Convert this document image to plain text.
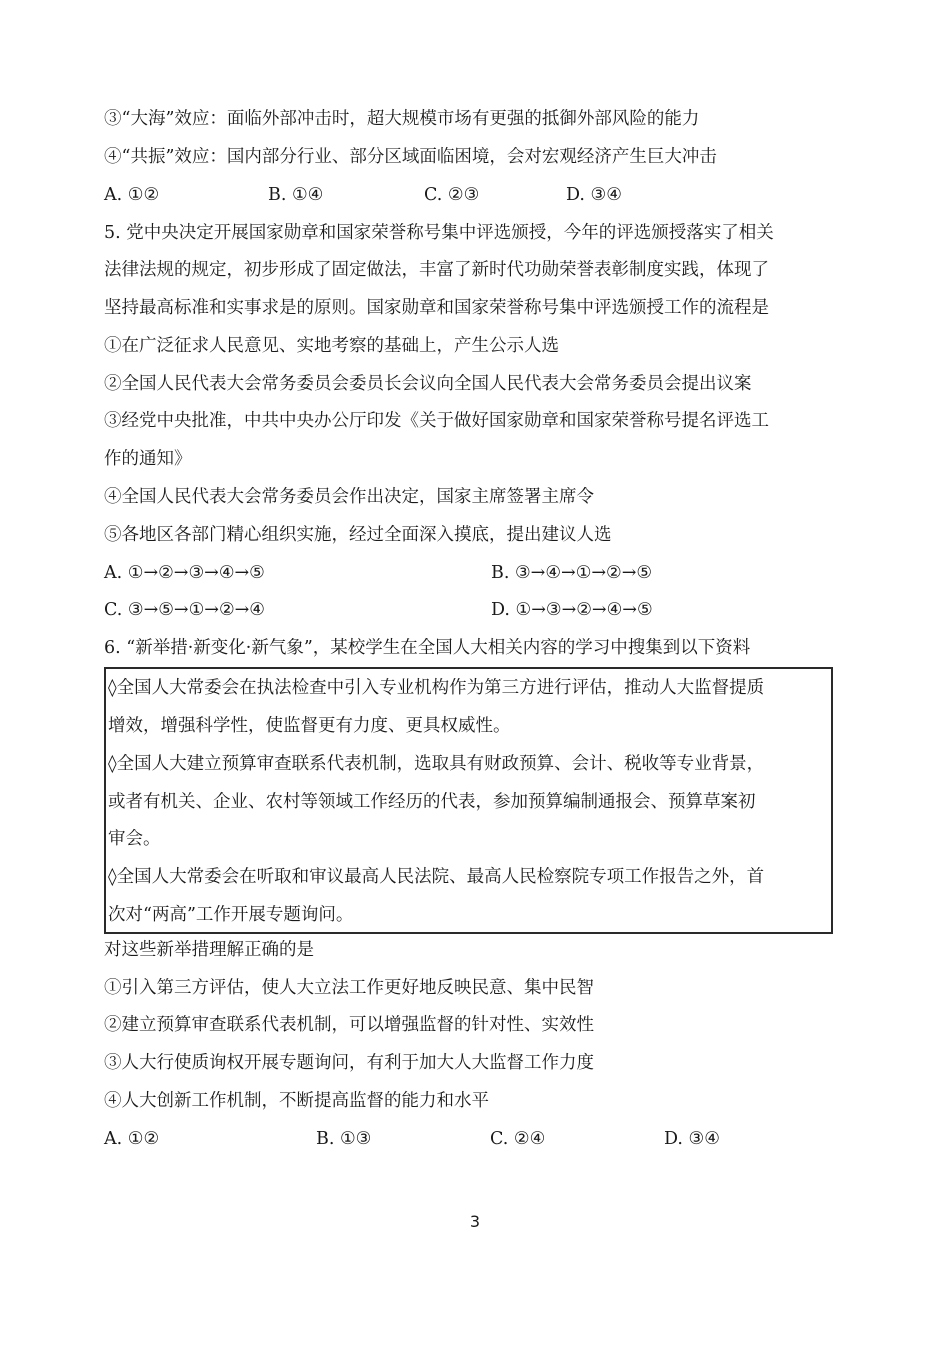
③“大海”效应：面临外部冲击时，超大规模市场有更强的抵御外部风险的能力
④“共振”效应：国内部分行业、部分区域面临困境，会对宏观经济产生巨大冲击
A. ①②	B. ①④	C. ②③	D. ③④
5. 党中央决定开展国家勋章和国家荣誉称号集中评选颁授，今年的评选颁授落实了相关
法律法规的规定，初步形成了固定做法，丰富了新时代功勋荣誉表彰制度实践，体现了
坚持最高标准和实事求是的原则。国家勋章和国家荣誉称号集中评选颁授工作的流程是
①在广泛征求人民意见、实地考察的基础上，产生公示人选
②全国人民代表大会常务委员会委员长会议向全国人民代表大会常务委员会提出议案
③经党中央批准，中共中央办公厅印发《关于做好国家勋章和国家荣誉称号提名评选工
作的通知》
④全国人民代表大会常务委员会作出决定，国家主席签署主席令
⑤各地区各部门精心组织实施，经过全面深入摸底，提出建议人选
A. ①→②→③→④→⑤	B. ③→④→①→②→⑤
C. ③→⑤→①→②→④	D. ①→③→②→④→⑤
6. “新举措·新变化·新气象”，某校学生在全国人大相关内容的学习中搜集到以下资料
◊全国人大常委会在执法检查中引入专业机构作为第三方进行评估，推动人大监督提质
增效，增强科学性，使监督更有力度、更具权威性。
◊全国人大建立预算审查联系代表机制，选取具有财政预算、会计、税收等专业背景，
或者有机关、企业、农村等领域工作经历的代表，参加预算编制通报会、预算草案初
审会。
◊全国人大常委会在听取和审议最高人民法院、最高人民检察院专项工作报告之外，首
次对“两高”工作开展专题询问。
对这些新举措理解正确的是
①引入第三方评估，使人大立法工作更好地反映民意、集中民智
②建立预算审查联系代表机制，可以增强监督的针对性、实效性
③人大行使质询权开展专题询问，有利于加大人大监督工作力度
④人大创新工作机制，不断提高监督的能力和水平
A. ①②	B. ①③	C. ②④	D. ③④
3
